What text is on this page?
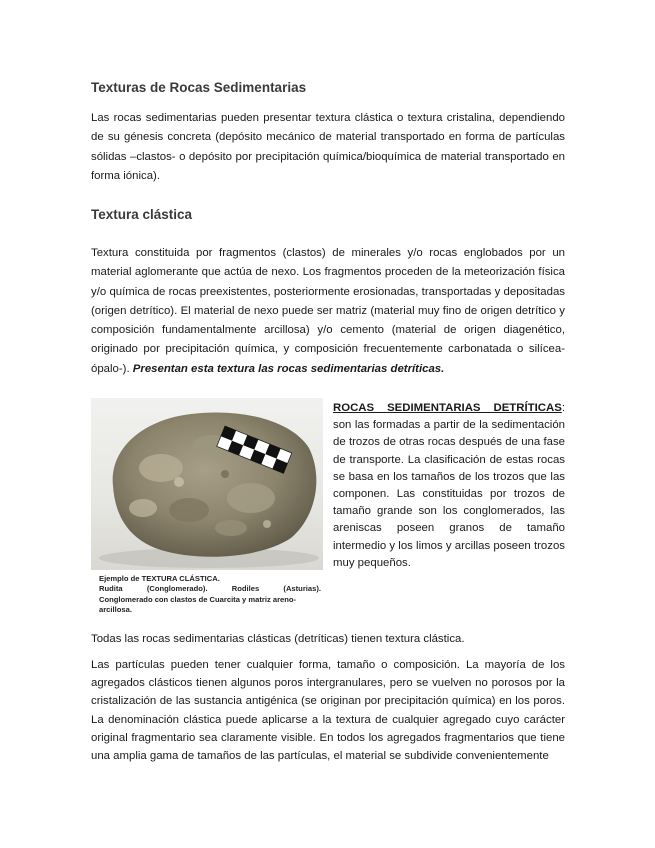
Texturas de Rocas Sedimentarias

Las rocas sedimentarias pueden presentar textura clástica o textura cristalina, dependiendo de su génesis concreta (depósito mecánico de material transportado en forma de partículas sólidas –clastos- o depósito por precipitación química/bioquímica de material transportado en forma iónica).

Textura clástica

Textura constituida por fragmentos (clastos) de minerales y/o rocas englobados por un material aglomerante que actúa de nexo. Los fragmentos proceden de la meteorización física y/o química de rocas preexistentes, posteriormente erosionadas, transportadas y depositadas (origen detrítico). El material de nexo puede ser matriz (material muy fino de origen detrítico y composición fundamentalmente arcillosa) y/o cemento (material de origen diagenético, originado por precipitación química, y composición frecuentemente carbonatada o silícea-ópalo-). Presentan esta textura las rocas sedimentarias detríticas.

Ejemplo de TEXTURA CLÁSTICA.
Rudita	(Conglomerado).	Rodiles	(Asturias).
Conglomerado con clastos de Cuarcita y matriz areno-arcillosa.
ROCAS SEDIMENTARIAS DETRÍTICAS: son las formadas a partir de la sedimentación de trozos de otras rocas después de una fase de transporte. La clasificación de estas rocas se basa en los tamaños de los trozos que las componen. Las constituidas por trozos de tamaño grande son los conglomerados, las areniscas poseen granos de tamaño intermedio y los limos y arcillas poseen trozos muy pequeños.

Todas las rocas sedimentarias clásticas (detríticas) tienen textura clástica.

Las partículas pueden tener cualquier forma, tamaño o composición. La mayoría de los agregados clásticos tienen algunos poros intergranulares, pero se vuelven no porosos por la cristalización de las sustancia antigénica (se originan por precipitación química) en los poros. La denominación clástica puede aplicarse a la textura de cualquier agregado cuyo carácter original fragmentario sea claramente visible. En todos los agregados fragmentarios que tiene una amplia gama de tamaños de las partículas, el material se subdivide convenientemente
